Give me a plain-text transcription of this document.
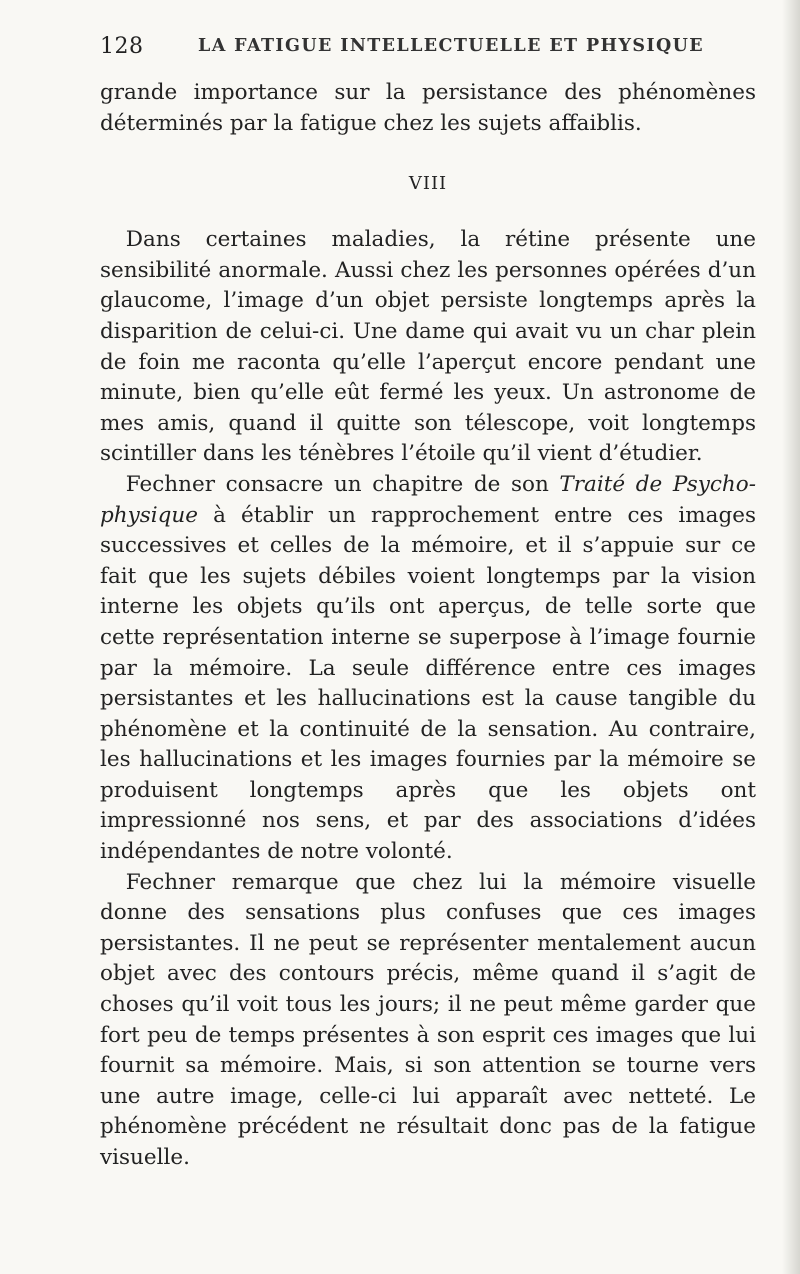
128	LA FATIGUE INTELLECTUELLE ET PHYSIQUE

grande importance sur la persistance des phénomènes déterminés par la fatigue chez les sujets affaiblis.

VIII

Dans certaines maladies, la rétine présente une sensibilité anormale. Aussi chez les personnes opérées d’un glaucome, l’image d’un objet persiste longtemps après la disparition de celui-ci. Une dame qui avait vu un char plein de foin me raconta qu’elle l’aperçut encore pendant une minute, bien qu’elle eût fermé les yeux. Un astronome de mes amis, quand il quitte son télescope, voit longtemps scintiller dans les ténèbres l’étoile qu’il vient d’étudier.

Fechner consacre un chapitre de son Traité de Psycho-physique à établir un rapprochement entre ces images successives et celles de la mémoire, et il s’appuie sur ce fait que les sujets débiles voient longtemps par la vision interne les objets qu’ils ont aperçus, de telle sorte que cette représentation interne se superpose à l’image fournie par la mémoire. La seule différence entre ces images persistantes et les hallucinations est la cause tangible du phénomène et la continuité de la sensation. Au contraire, les hallucinations et les images fournies par la mémoire se produisent longtemps après que les objets ont impressionné nos sens, et par des associations d’idées indépendantes de notre volonté.

Fechner remarque que chez lui la mémoire visuelle donne des sensations plus confuses que ces images persistantes. Il ne peut se représenter mentalement aucun objet avec des contours précis, même quand il s’agit de choses qu’il voit tous les jours; il ne peut même garder que fort peu de temps présentes à son esprit ces images que lui fournit sa mémoire. Mais, si son attention se tourne vers une autre image, celle-ci lui apparaît avec netteté. Le phénomène précédent ne résultait donc pas de la fatigue visuelle.
